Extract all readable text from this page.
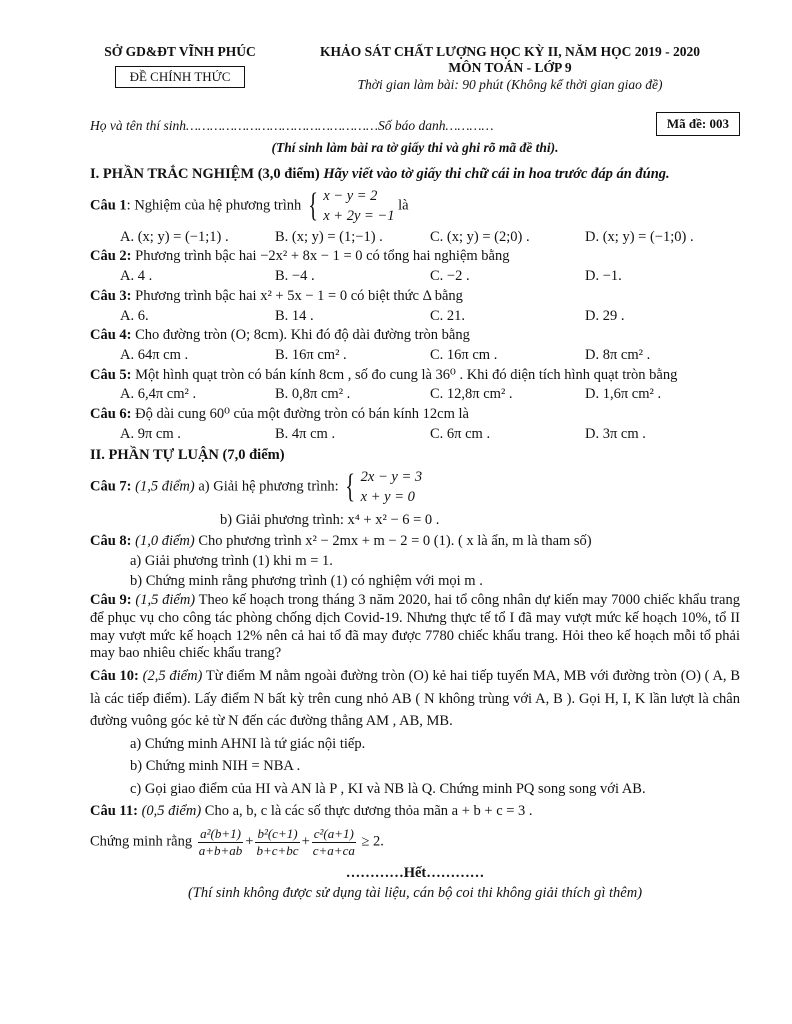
SỞ GD&ĐT VĨNH PHÚC
ĐỀ CHÍNH THỨC
KHẢO SÁT CHẤT LƯỢNG HỌC KỲ II, NĂM HỌC 2019 - 2020
MÔN TOÁN - LỚP 9
Thời gian làm bài: 90 phút (Không kể thời gian giao đề)
Họ và tên thí sinh…………………………………………Số báo danh…………	Mã đề: 003
(Thí sinh làm bài ra tờ giấy thi và ghi rõ mã đề thi).
I. PHẦN TRẮC NGHIỆM (3,0 điểm) Hãy viết vào tờ giấy thi chữ cái in hoa trước đáp án đúng.
Câu 1: Nghiệm của hệ phương trình { x − y = 2
x + 2y = −1
là
A. (x; y) = (−1;1) .	B. (x; y) = (1;−1) .	C. (x; y) = (2;0) .	D. (x; y) = (−1;0) .
Câu 2: Phương trình bậc hai −2x² + 8x − 1 = 0 có tổng hai nghiệm bằng
A. 4 .	B. −4 .	C. −2 .	D. −1.
Câu 3: Phương trình bậc hai x² + 5x − 1 = 0 có biệt thức Δ bằng
A. 6.	B. 14 .	C. 21.	D. 29 .
Câu 4: Cho đường tròn (O; 8cm). Khi đó độ dài đường tròn bằng
A. 64π cm .	B. 16π cm² .	C. 16π cm .	D. 8π cm² .
Câu 5: Một hình quạt tròn có bán kính 8cm , số đo cung là 36⁰ . Khi đó diện tích hình quạt tròn bằng
A. 6,4π cm² .	B. 0,8π cm² .	C. 12,8π cm² .	D. 1,6π cm² .
Câu 6: Độ dài cung 60⁰ của một đường tròn có bán kính 12cm là
A. 9π cm .	B. 4π cm .	C. 6π cm .	D. 3π cm .
II. PHẦN TỰ LUẬN (7,0 điểm)
Câu 7: (1,5 điểm) a) Giải hệ phương trình: { 2x − y = 3
x + y = 0
b) Giải phương trình: x⁴ + x² − 6 = 0 .
Câu 8: (1,0 điểm) Cho phương trình x² − 2mx + m − 2 = 0 (1). ( x là ẩn, m là tham số)
a) Giải phương trình (1) khi m = 1.
b) Chứng minh rằng phương trình (1) có nghiệm với mọi m .
Câu 9: (1,5 điểm) Theo kế hoạch trong tháng 3 năm 2020, hai tổ công nhân dự kiến may 7000 chiếc khẩu trang để phục vụ cho công tác phòng chống dịch Covid-19. Nhưng thực tế tổ I đã may vượt mức kế hoạch 10%, tổ II may vượt mức kế hoạch 12% nên cả hai tổ đã may được 7780 chiếc khẩu trang. Hỏi theo kế hoạch mỗi tổ phải may bao nhiêu chiếc khẩu trang?
Câu 10: (2,5 điểm) Từ điểm M nằm ngoài đường tròn (O) kẻ hai tiếp tuyến MA, MB với đường tròn (O) ( A, B là các tiếp điểm). Lấy điểm N bất kỳ trên cung nhỏ AB ( N không trùng với A, B ). Gọi H, I, K lần lượt là chân đường vuông góc kẻ từ N đến các đường thẳng AM , AB, MB.
a) Chứng minh AHNI là tứ giác nội tiếp.
b) Chứng minh NIH = NBA .
c) Gọi giao điểm của HI và AN là P , KI và NB là Q. Chứng minh PQ song song với AB.
Câu 11: (0,5 điểm) Cho a, b, c là các số thực dương thỏa mãn a + b + c = 3 .
Chứng minh rằng $\frac{\text{a²(b+1)}}{a+b+ab} + \frac{\text{b²(c+1)}}{b+c+bc} + \frac{\text{c²(a+1)}}{c+a+ca} \ge 2$.
…………Hết…………
(Thí sinh không được sử dụng tài liệu, cán bộ coi thi không giải thích gì thêm)
